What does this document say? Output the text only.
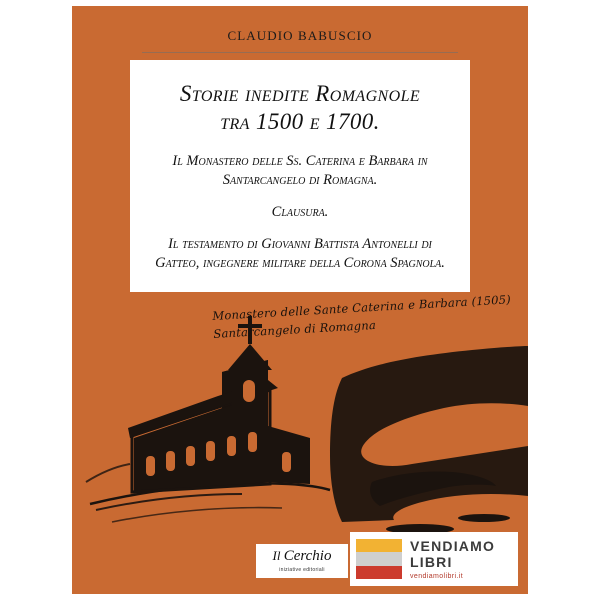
CLAUDIO BABUSCIO
Storie inedite Romagnole
tra 1500 e 1700.
Il Monastero delle Ss. Caterina e Barbara in Santarcangelo di Romagna.
Clausura.
Il testamento di Giovanni Battista Antonelli di Gatteo, ingegnere militare della Corona Spagnola.
Monastero delle Sante Caterina e Barbara (1505)
Santarcangelo di Romagna
Il Cerchio
iniziative editoriali
VENDIAMO
LIBRI
vendiamolibri.it
